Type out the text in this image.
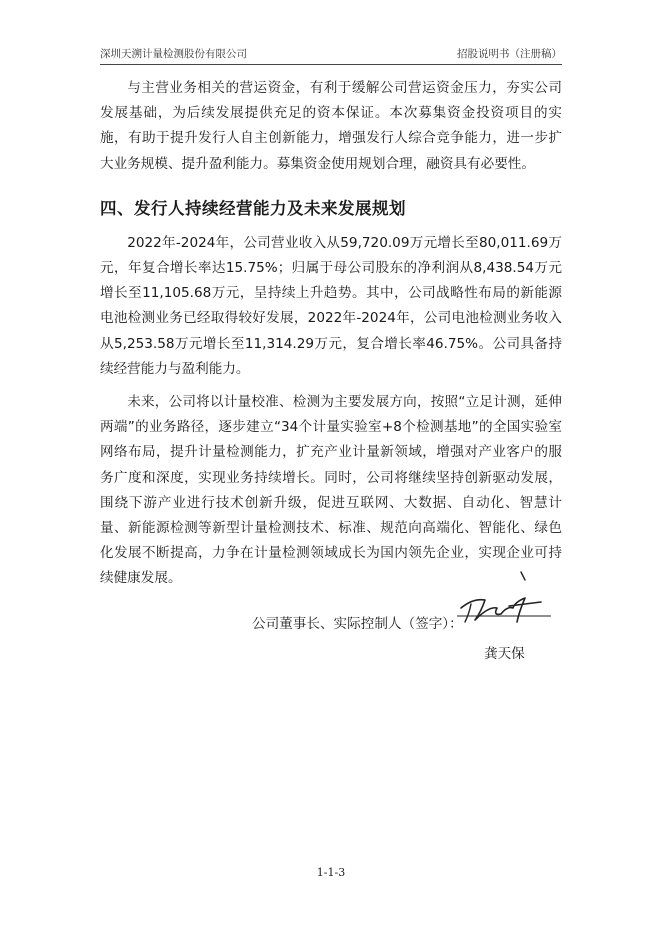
深圳天溯计量检测股份有限公司	招股说明书（注册稿）

与主营业务相关的营运资金，有利于缓解公司营运资金压力，夯实公司发展基础，为后续发展提供充足的资本保证。本次募集资金投资项目的实施，有助于提升发行人自主创新能力，增强发行人综合竞争能力，进一步扩大业务规模、提升盈利能力。募集资金使用规划合理，融资具有必要性。

四、发行人持续经营能力及未来发展规划

2022年-2024年，公司营业收入从59,720.09万元增长至80,011.69万元，年复合增长率达15.75%；归属于母公司股东的净利润从8,438.54万元增长至11,105.68万元，呈持续上升趋势。其中，公司战略性布局的新能源电池检测业务已经取得较好发展，2022年-2024年，公司电池检测业务收入从5,253.58万元增长至11,314.29万元，复合增长率46.75%。公司具备持续经营能力与盈利能力。

未来，公司将以计量校准、检测为主要发展方向，按照“立足计测，延伸两端”的业务路径，逐步建立“34个计量实验室+8个检测基地”的全国实验室网络布局，提升计量检测能力，扩充产业计量新领域，增强对产业客户的服务广度和深度，实现业务持续增长。同时，公司将继续坚持创新驱动发展，围绕下游产业进行技术创新升级，促进互联网、大数据、自动化、智慧计量、新能源检测等新型计量检测技术、标准、规范向高端化、智能化、绿色化发展不断提高，力争在计量检测领域成长为国内领先企业，实现企业可持续健康发展。

公司董事长、实际控制人（签字）：
龚天保
1-1-3
